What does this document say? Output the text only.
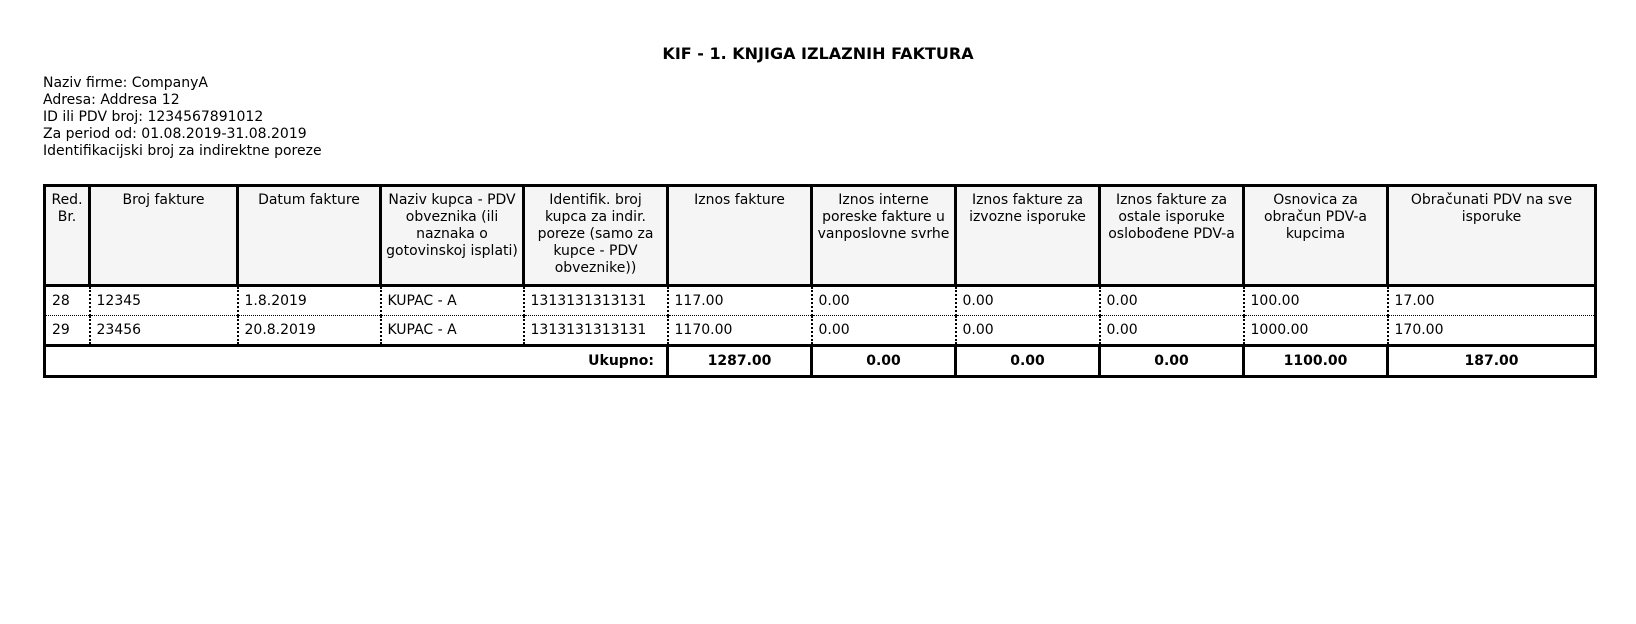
KIF - 1. KNJIGA IZLAZNIH FAKTURA
Naziv firme: CompanyA
Adresa: Addresa 12
ID ili PDV broj: 1234567891012
Za period od: 01.08.2019-31.08.2019
Identifikacijski broj za indirektne poreze
Red. Br.	Broj fakture	Datum fakture	Naziv kupca - PDV obveznika (ili naznaka o gotovinskoj isplati)	Identifik. broj kupca za indir. poreze (samo za kupce - PDV obveznike))	Iznos fakture	Iznos interne poreske fakture u vanposlovne svrhe	Iznos fakture za izvozne isporuke	Iznos fakture za ostale isporuke oslobođene PDV-a	Osnovica za obračun PDV-a kupcima	Obračunati PDV na sve isporuke
28	12345	1.8.2019	KUPAC - A	1313131313131	117.00	0.00	0.00	0.00	100.00	17.00
29	23456	20.8.2019	KUPAC - A	1313131313131	1170.00	0.00	0.00	0.00	1000.00	170.00
Ukupno:					1287.00	0.00	0.00	0.00	1100.00	187.00
